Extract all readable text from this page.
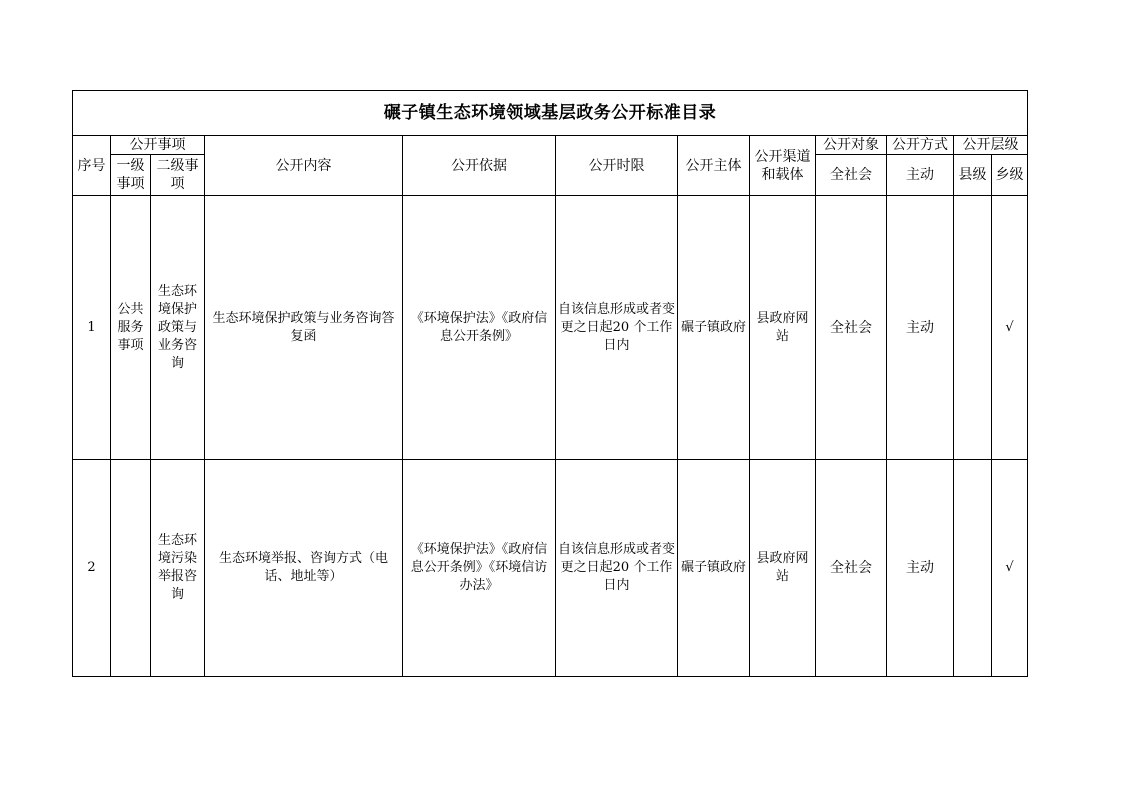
碾子镇生态环境领域基层政务公开标准目录											
序号	公开事项		公开内容	公开依据	公开时限	公开主体	公开渠道和载体	公开对象	公开方式	公开层级	
	一级事项	二级事项						全社会	主动	县级	乡级
1	公共服务事项	生态环境保护政策与业务咨询	生态环境保护政策与业务咨询答复函	《环境保护法》《政府信息公开条例》	自该信息形成或者变更之日起20 个工作日内	碾子镇政府	县政府网站	全社会	主动		√
2		生态环境污染举报咨询	生态环境举报、咨询方式（电话、地址等）	《环境保护法》《政府信息公开条例》《环境信访办法》	自该信息形成或者变更之日起20 个工作日内	碾子镇政府	县政府网站	全社会	主动		√
